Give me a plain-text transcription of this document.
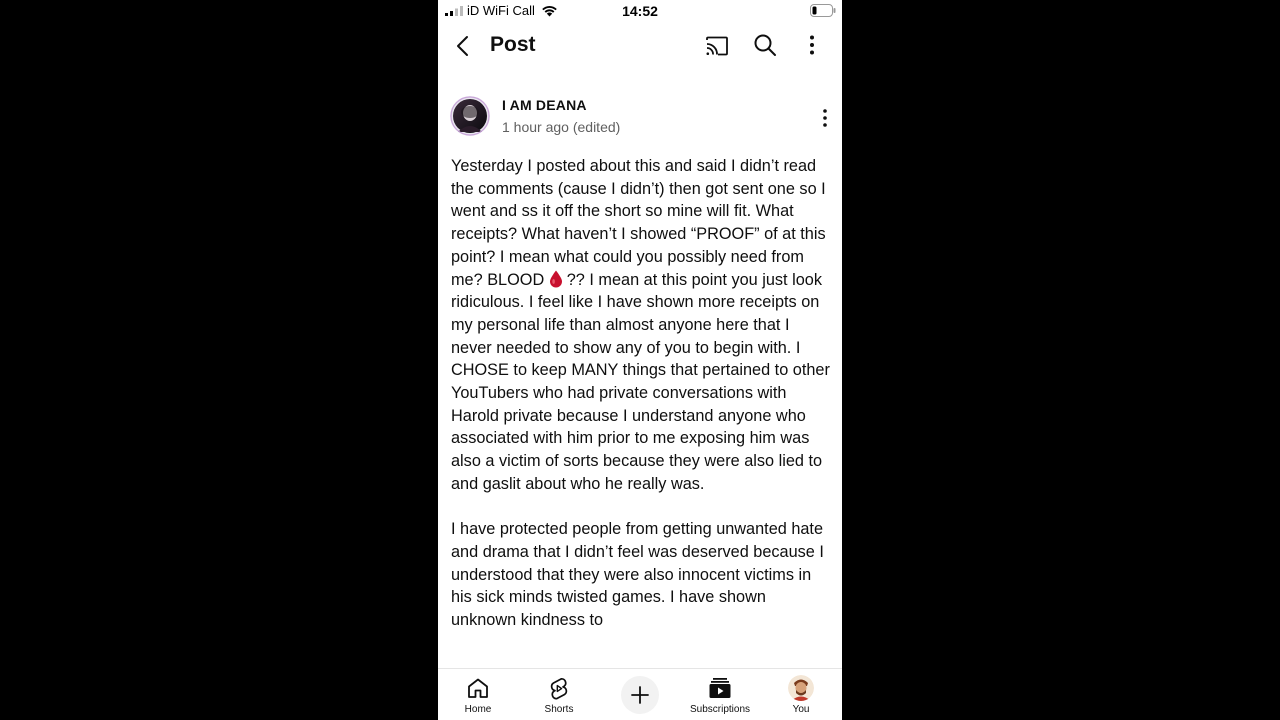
iD WiFi Call	14:52
Post
I AM DEANA
1 hour ago (edited)

Yesterday I posted about this and said I didn’t read the comments (cause I didn’t) then got sent one so I went and ss it off the short so mine will fit. What receipts? What haven’t I showed “PROOF” of at this point? I mean what could you possibly need from me? BLOOD ?? I mean at this point you just look ridiculous. I feel like I have shown more receipts on my personal life than almost anyone here that I never needed to show any of you to begin with. I CHOSE to keep MANY things that pertained to other YouTubers who had private conversations with Harold private because I understand anyone who associated with him prior to me exposing him was also a victim of sorts because they were also lied to and gaslit about who he really was.

I have protected people from getting unwanted hate and drama that I didn’t feel was deserved because I understood that they were also innocent victims in his sick minds twisted games. I have shown unknown kindness to

Home	Shorts	Subscriptions	You
